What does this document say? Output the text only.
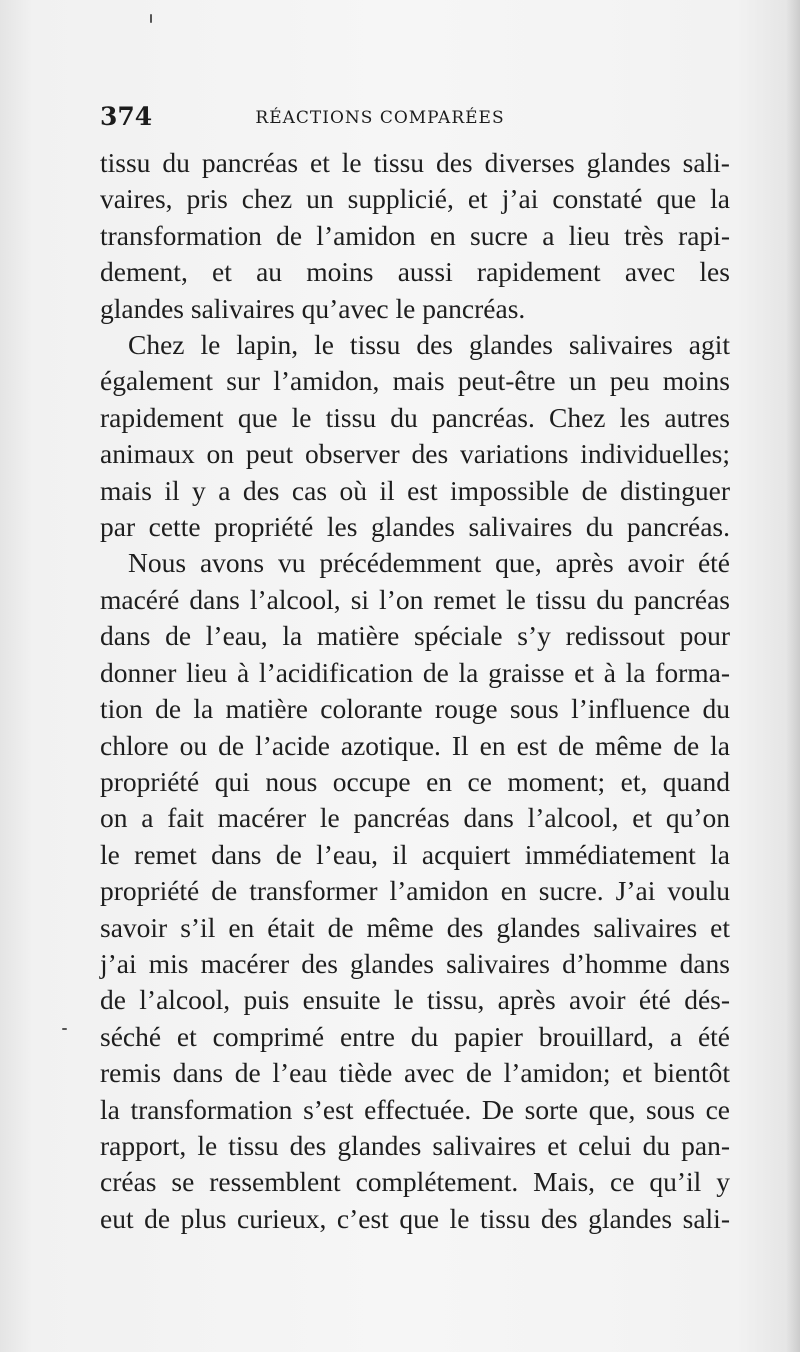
374	RÉACTIONS COMPARÉES

tissu du pancréas et le tissu des diverses glandes sali-
vaires, pris chez un supplicié, et j’ai constaté que la
transformation de l’amidon en sucre a lieu très rapi-
dement, et au moins aussi rapidement avec les
glandes salivaires qu’avec le pancréas.

Chez le lapin, le tissu des glandes salivaires agit
également sur l’amidon, mais peut-être un peu moins
rapidement que le tissu du pancréas. Chez les autres
animaux on peut observer des variations individuelles;
mais il y a des cas où il est impossible de distinguer
par cette propriété les glandes salivaires du pancréas.

Nous avons vu précédemment que, après avoir été
macéré dans l’alcool, si l’on remet le tissu du pancréas
dans de l’eau, la matière spéciale s’y redissout pour
donner lieu à l’acidification de la graisse et à la forma-
tion de la matière colorante rouge sous l’influence du
chlore ou de l’acide azotique. Il en est de même de la
propriété qui nous occupe en ce moment; et, quand
on a fait macérer le pancréas dans l’alcool, et qu’on
le remet dans de l’eau, il acquiert immédiatement la
propriété de transformer l’amidon en sucre. J’ai voulu
savoir s’il en était de même des glandes salivaires et
j’ai mis macérer des glandes salivaires d’homme dans
de l’alcool, puis ensuite le tissu, après avoir été dés-
séché et comprimé entre du papier brouillard, a été
remis dans de l’eau tiède avec de l’amidon; et bientôt
la transformation s’est effectuée. De sorte que, sous ce
rapport, le tissu des glandes salivaires et celui du pan-
créas se ressemblent complétement. Mais, ce qu’il y
eut de plus curieux, c’est que le tissu des glandes sali-
